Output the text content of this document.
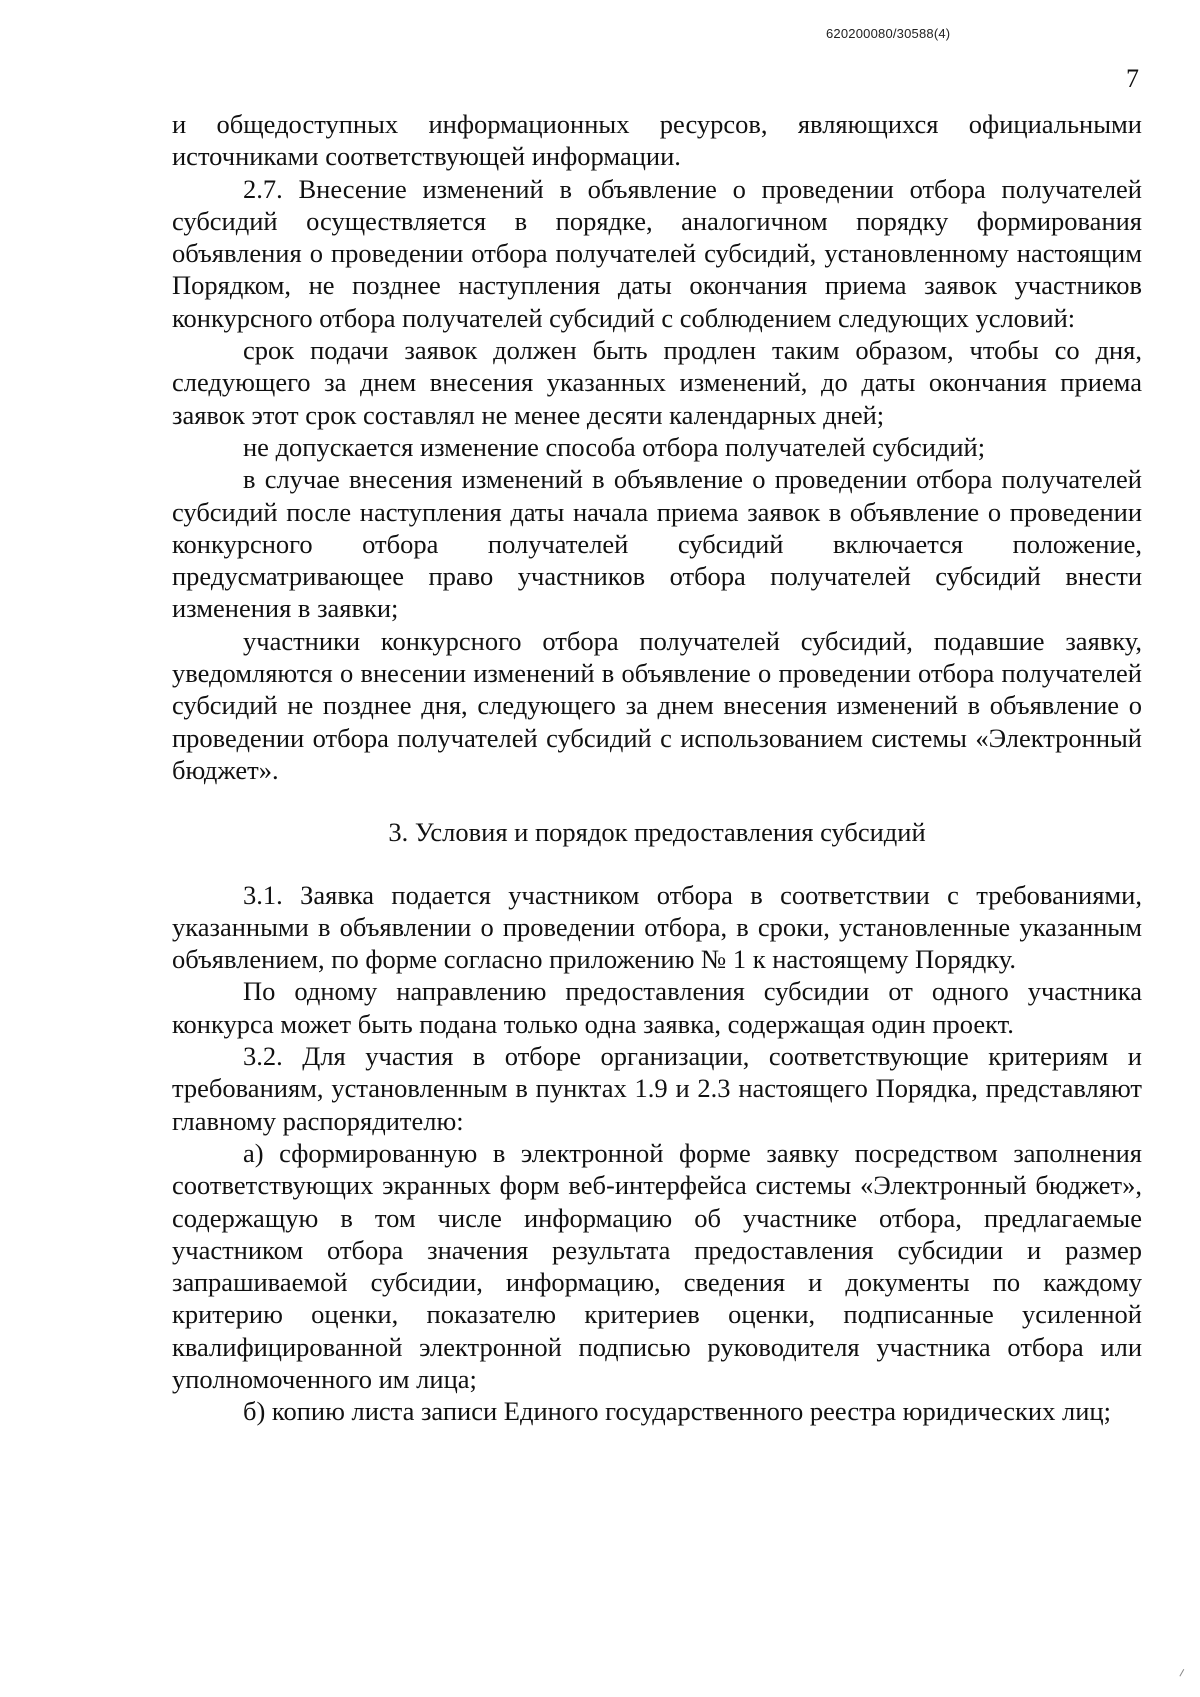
620200080/30588(4)
7

и общедоступных информационных ресурсов, являющихся официальными источниками соответствующей информации.

2.7. Внесение изменений в объявление о проведении отбора получателей субсидий осуществляется в порядке, аналогичном порядку формирования объявления о проведении отбора получателей субсидий, установленному настоящим Порядком, не позднее наступления даты окончания приема заявок участников конкурсного отбора получателей субсидий с соблюдением следующих условий:

срок подачи заявок должен быть продлен таким образом, чтобы со дня, следующего за днем внесения указанных изменений, до даты окончания приема заявок этот срок составлял не менее десяти календарных дней;

не допускается изменение способа отбора получателей субсидий;

в случае внесения изменений в объявление о проведении отбора получателей субсидий после наступления даты начала приема заявок в объявление о проведении конкурсного отбора получателей субсидий включается положение, предусматривающее право участников отбора получателей субсидий внести изменения в заявки;

участники конкурсного отбора получателей субсидий, подавшие заявку, уведомляются о внесении изменений в объявление о проведении отбора получателей субсидий не позднее дня, следующего за днем внесения изменений в объявление о проведении отбора получателей субсидий с использованием системы «Электронный бюджет».

3. Условия и порядок предоставления субсидий

3.1. Заявка подается участником отбора в соответствии с требованиями, указанными в объявлении о проведении отбора, в сроки, установленные указанным объявлением, по форме согласно приложению № 1 к настоящему Порядку.

По одному направлению предоставления субсидии от одного участника конкурса может быть подана только одна заявка, содержащая один проект.

3.2. Для участия в отборе организации, соответствующие критериям и требованиям, установленным в пунктах 1.9 и 2.3 настоящего Порядка, представляют главному распорядителю:

а) сформированную в электронной форме заявку посредством заполнения соответствующих экранных форм веб-интерфейса системы «Электронный бюджет», содержащую в том числе информацию об участнике отбора, предлагаемые участником отбора значения результата предоставления субсидии и размер запрашиваемой субсидии, информацию, сведения и документы по каждому критерию оценки, показателю критериев оценки, подписанные усиленной квалифицированной электронной подписью руководителя участника отбора или уполномоченного им лица;

б) копию листа записи Единого государственного реестра юридических лиц;
